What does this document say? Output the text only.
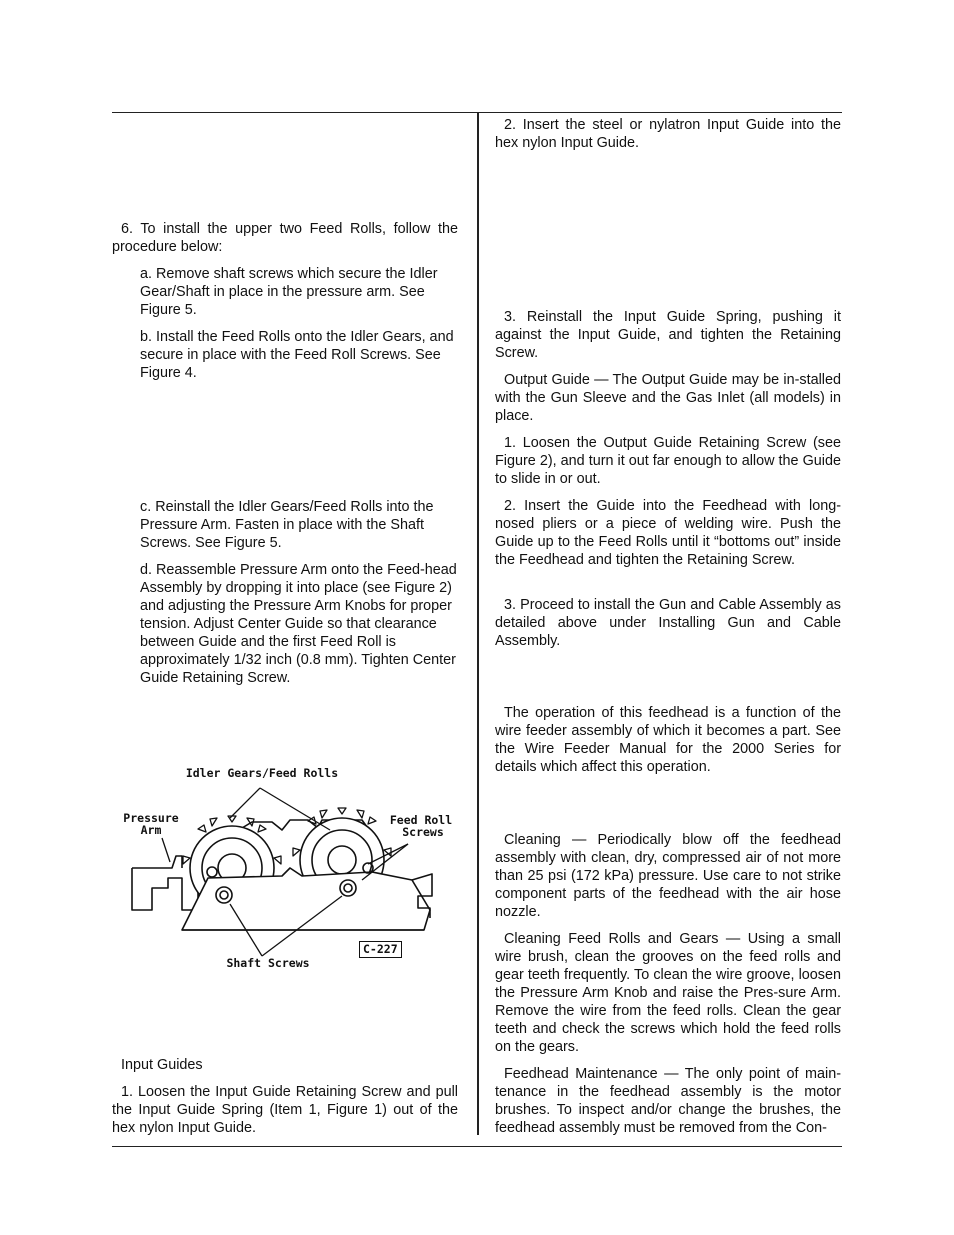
6. To install the upper two Feed Rolls, follow the procedure below:

a. Remove shaft screws which secure the Idler Gear/Shaft in place in the pressure arm. See Figure 5.

b. Install the Feed Rolls onto the Idler Gears, and secure in place with the Feed Roll Screws. See Figure 4.

c. Reinstall the Idler Gears/Feed Rolls into the Pressure Arm. Fasten in place with the Shaft Screws. See Figure 5.

d. Reassemble Pressure Arm onto the Feed-head Assembly by dropping it into place (see Figure 2) and adjusting the Pressure Arm Knobs for proper tension. Adjust Center Guide so that clearance between Guide and the first Feed Roll is approximately 1/32 inch (0.8 mm). Tighten Center Guide Retaining Screw.

Idler Gears/Feed Rolls
Pressure
Arm
Feed Roll
Screws
Shaft Screws
C-227

Input Guides

1. Loosen the Input Guide Retaining Screw and pull the Input Guide Spring (Item 1, Figure 1) out of the hex nylon Input Guide.

2. Insert the steel or nylatron Input Guide into the hex nylon Input Guide.

3. Reinstall the Input Guide Spring, pushing it against the Input Guide, and tighten the Retaining Screw.

Output Guide — The Output Guide may be in-stalled with the Gun Sleeve and the Gas Inlet (all models) in place.

1. Loosen the Output Guide Retaining Screw (see Figure 2), and turn it out far enough to allow the Guide to slide in or out.

2. Insert the Guide into the Feedhead with long-nosed pliers or a piece of welding wire. Push the Guide up to the Feed Rolls until it “bottoms out” inside the Feedhead and tighten the Retaining Screw.

3. Proceed to install the Gun and Cable Assembly as detailed above under Installing Gun and Cable Assembly.

The operation of this feedhead is a function of the wire feeder assembly of which it becomes a part. See the Wire Feeder Manual for the 2000 Series for details which affect this operation.

Cleaning — Periodically blow off the feedhead assembly with clean, dry, compressed air of not more than 25 psi (172 kPa) pressure. Use care to not strike component parts of the feedhead with the air hose nozzle.

Cleaning Feed Rolls and Gears — Using a small wire brush, clean the grooves on the feed rolls and gear teeth frequently. To clean the wire groove, loosen the Pressure Arm Knob and raise the Pres-sure Arm. Remove the wire from the feed rolls. Clean the gear teeth and check the screws which hold the feed rolls on the gears.

Feedhead Maintenance — The only point of main-tenance in the feedhead assembly is the motor brushes. To inspect and/or change the brushes, the feedhead assembly must be removed from the Con-
